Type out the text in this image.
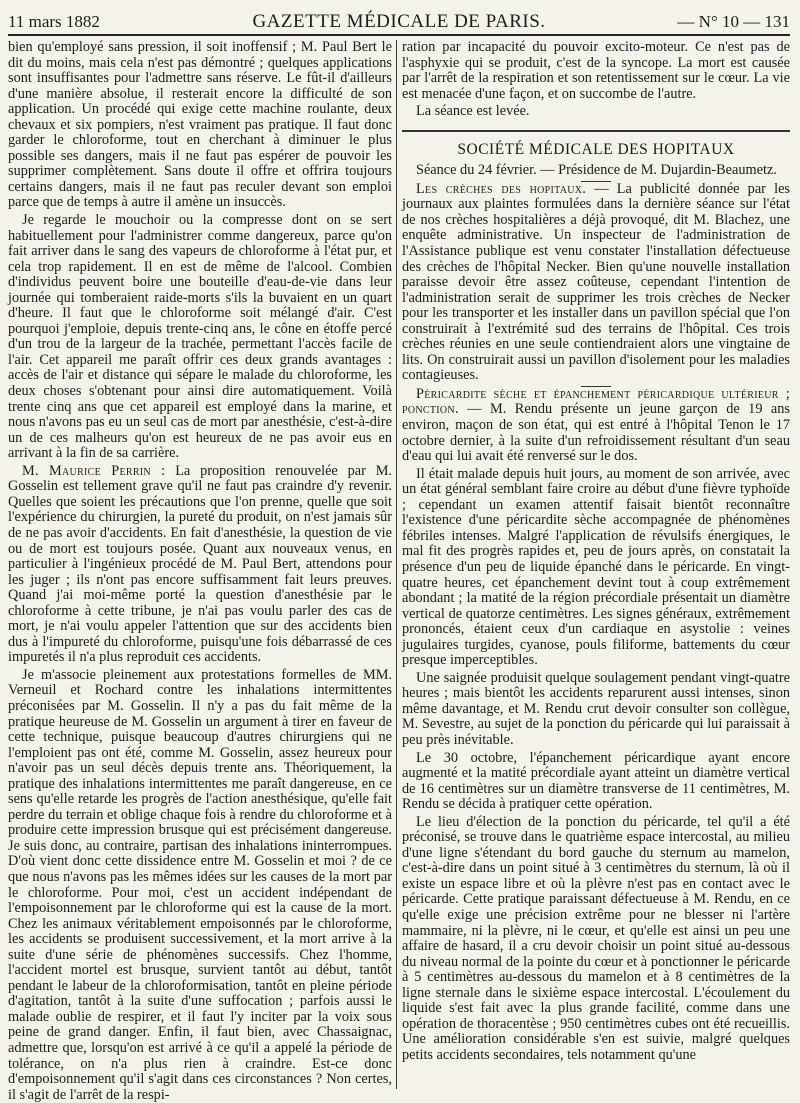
11 mars 1882	GAZETTE MÉDICALE DE PARIS.	— N° 10 — 131

bien qu'employé sans pression, il soit inoffensif ; M. Paul Bert le dit du moins, mais cela n'est pas démontré ; quelques applications sont insuffisantes pour l'admettre sans réserve. Le fût-il d'ailleurs d'une manière absolue, il resterait encore la difficulté de son application. Un procédé qui exige cette machine roulante, deux chevaux et six pompiers, n'est vraiment pas pratique. Il faut donc garder le chloroforme, tout en cherchant à diminuer le plus possible ses dangers, mais il ne faut pas espérer de pouvoir les supprimer complètement. Sans doute il offre et offrira toujours certains dangers, mais il ne faut pas reculer devant son emploi parce que de temps à autre il amène un insuccès.

Je regarde le mouchoir ou la compresse dont on se sert habituellement pour l'administrer comme dangereux, parce qu'on fait arriver dans le sang des vapeurs de chloroforme à l'état pur, et cela trop rapidement. Il en est de même de l'alcool. Combien d'individus peuvent boire une bouteille d'eau-de-vie dans leur journée qui tomberaient raide-morts s'ils la buvaient en un quart d'heure. Il faut que le chloroforme soit mélangé d'air. C'est pourquoi j'emploie, depuis trente-cinq ans, le cône en étoffe percé d'un trou de la largeur de la trachée, permettant l'accès facile de l'air. Cet appareil me paraît offrir ces deux grands avantages : accès de l'air et distance qui sépare le malade du chloroforme, les deux choses s'obtenant pour ainsi dire automatiquement. Voilà trente cinq ans que cet appareil est employé dans la marine, et nous n'avons pas eu un seul cas de mort par anesthésie, c'est-à-dire un de ces malheurs qu'on est heureux de ne pas avoir eus en arrivant à la fin de sa carrière.

M. Maurice Perrin : La proposition renouvelée par M. Gosselin est tellement grave qu'il ne faut pas craindre d'y revenir. Quelles que soient les précautions que l'on prenne, quelle que soit l'expérience du chirurgien, la pureté du produit, on n'est jamais sûr de ne pas avoir d'accidents. En fait d'anesthésie, la question de vie ou de mort est toujours posée. Quant aux nouveaux venus, en particulier à l'ingénieux procédé de M. Paul Bert, attendons pour les juger ; ils n'ont pas encore suffisamment fait leurs preuves. Quand j'ai moi-même porté la question d'anesthésie par le chloroforme à cette tribune, je n'ai pas voulu parler des cas de mort, je n'ai voulu appeler l'attention que sur des accidents bien dus à l'impureté du chloroforme, puisqu'une fois débarrassé de ces impuretés il n'a plus reproduit ces accidents.

Je m'associe pleinement aux protestations formelles de MM. Verneuil et Rochard contre les inhalations intermittentes préconisées par M. Gosselin. Il n'y a pas du fait même de la pratique heureuse de M. Gosselin un argument à tirer en faveur de cette technique, puisque beaucoup d'autres chirurgiens qui ne l'emploient pas ont été, comme M. Gosselin, assez heureux pour n'avoir pas un seul décès depuis trente ans. Théoriquement, la pratique des inhalations intermittentes me paraît dangereuse, en ce sens qu'elle retarde les progrès de l'action anesthésique, qu'elle fait perdre du terrain et oblige chaque fois à rendre du chloroforme et à produire cette impression brusque qui est précisément dangereuse. Je suis donc, au contraire, partisan des inhalations ininterrompues. D'où vient donc cette dissidence entre M. Gosselin et moi ? de ce que nous n'avons pas les mêmes idées sur les causes de la mort par le chloroforme. Pour moi, c'est un accident indépendant de l'empoisonnement par le chloroforme qui est la cause de la mort. Chez les animaux véritablement empoisonnés par le chloroforme, les accidents se produisent successivement, et la mort arrive à la suite d'une série de phénomènes successifs. Chez l'homme, l'accident mortel est brusque, survient tantôt au début, tantôt pendant le labeur de la chloroformisation, tantôt en pleine période d'agitation, tantôt à la suite d'une suffocation ; parfois aussi le malade oublie de respirer, et il faut l'y inciter par la voix sous peine de grand danger. Enfin, il faut bien, avec Chassaignac, admettre que, lorsqu'on est arrivé à ce qu'il a appelé la période de tolérance, on n'a plus rien à craindre. Est-ce donc d'empoisonnement qu'il s'agit dans ces circonstances ? Non certes, il s'agit de l'arrêt de la respi-

ration par incapacité du pouvoir excito-moteur. Ce n'est pas de l'asphyxie qui se produit, c'est de la syncope. La mort est causée par l'arrêt de la respiration et son retentissement sur le cœur. La vie est menacée d'une façon, et on succombe de l'autre.

La séance est levée.

SOCIÉTÉ MÉDICALE DES HOPITAUX

Séance du 24 février. — Présidence de M. Dujardin-Beaumetz.

Les crèches des hopitaux. — La publicité donnée par les journaux aux plaintes formulées dans la dernière séance sur l'état de nos crèches hospitalières a déjà provoqué, dit M. Blachez, une enquête administrative. Un inspecteur de l'administration de l'Assistance publique est venu constater l'installation défectueuse des crèches de l'hôpital Necker. Bien qu'une nouvelle installation paraisse devoir être assez coûteuse, cependant l'intention de l'administration serait de supprimer les trois crèches de Necker pour les transporter et les installer dans un pavillon spécial que l'on construirait à l'extrémité sud des terrains de l'hôpital. Ces trois crèches réunies en une seule contiendraient alors une vingtaine de lits. On construirait aussi un pavillon d'isolement pour les maladies contagieuses.

Péricardite sèche et épanchement péricardique ultérieur ; ponction. — M. Rendu présente un jeune garçon de 19 ans environ, maçon de son état, qui est entré à l'hôpital Tenon le 17 octobre dernier, à la suite d'un refroidissement résultant d'un seau d'eau qui lui avait été renversé sur le dos.

Il était malade depuis huit jours, au moment de son arrivée, avec un état général semblant faire croire au début d'une fièvre typhoïde ; cependant un examen attentif faisait bientôt reconnaître l'existence d'une péricardite sèche accompagnée de phénomènes fébriles intenses. Malgré l'application de révulsifs énergiques, le mal fit des progrès rapides et, peu de jours après, on constatait la présence d'un peu de liquide épanché dans le péricarde. En vingt-quatre heures, cet épanchement devint tout à coup extrêmement abondant ; la matité de la région précordiale présentait un diamètre vertical de quatorze centimètres. Les signes généraux, extrêmement prononcés, étaient ceux d'un cardiaque en asystolie : veines jugulaires turgides, cyanose, pouls filiforme, battements du cœur presque imperceptibles.

Une saignée produisit quelque soulagement pendant vingt-quatre heures ; mais bientôt les accidents reparurent aussi intenses, sinon même davantage, et M. Rendu crut devoir consulter son collègue, M. Sevestre, au sujet de la ponction du péricarde qui lui paraissait à peu près inévitable.

Le 30 octobre, l'épanchement péricardique ayant encore augmenté et la matité précordiale ayant atteint un diamètre vertical de 16 centimètres sur un diamètre transverse de 11 centimètres, M. Rendu se décida à pratiquer cette opération.

Le lieu d'élection de la ponction du péricarde, tel qu'il a été préconisé, se trouve dans le quatrième espace intercostal, au milieu d'une ligne s'étendant du bord gauche du sternum au mamelon, c'est-à-dire dans un point situé à 3 centimètres du sternum, là où il existe un espace libre et où la plèvre n'est pas en contact avec le péricarde. Cette pratique paraissant défectueuse à M. Rendu, en ce qu'elle exige une précision extrême pour ne blesser ni l'artère mammaire, ni la plèvre, ni le cœur, et qu'elle est ainsi un peu une affaire de hasard, il a cru devoir choisir un point situé au-dessous du niveau normal de la pointe du cœur et à ponctionner le péricarde à 5 centimètres au-dessous du mamelon et à 8 centimètres de la ligne sternale dans le sixième espace intercostal. L'écoulement du liquide s'est fait avec la plus grande facilité, comme dans une opération de thoracentèse ; 950 centimètres cubes ont été recueillis. Une amélioration considérable s'en est suivie, malgré quelques petits accidents secondaires, tels notamment qu'une
